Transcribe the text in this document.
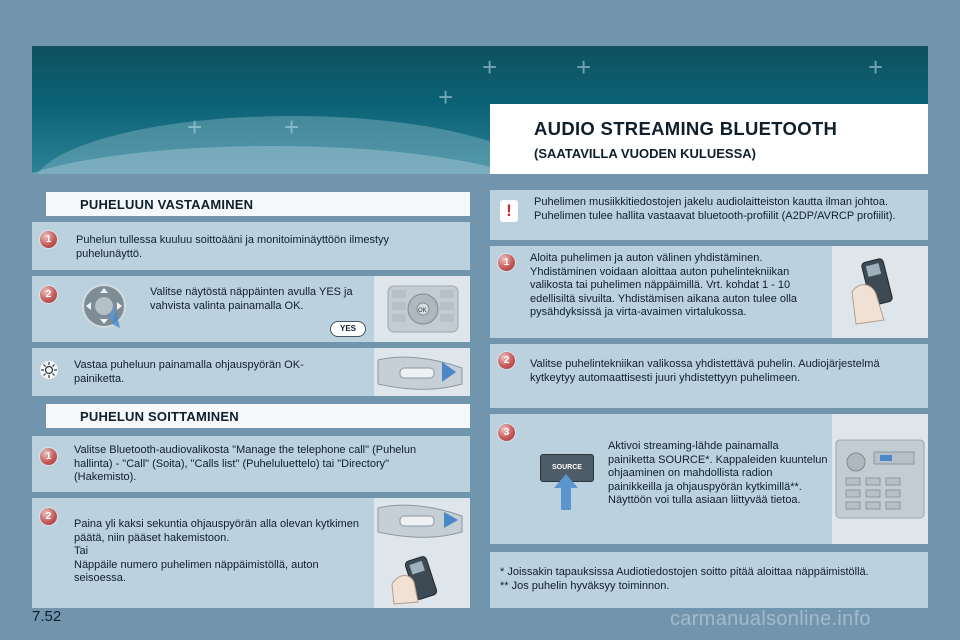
+	+	+
+	+
+
AUDIO STREAMING BLUETOOTH
(SAATAVILLA VUODEN KULUESSA)
PUHELUUN VASTAAMINEN
1	Puhelun tullessa kuuluu soittoääni ja monitoiminäyttöön ilmestyy puhelunäyttö.
2	Valitse näytöstä näppäinten avulla YES ja vahvista valinta painamalla OK.
YES
OK
Vastaa puheluun painamalla ohjauspyörän OK- painiketta.
PUHELUN SOITTAMINEN
1
Valitse Bluetooth-audiovalikosta "Manage the telephone call" (Puhelun hallinta) - "Call" (Soita), "Calls list" (Puheluluettelo) tai "Directory" (Hakemisto).
2
Paina yli kaksi sekuntia ohjauspyörän alla olevan kytkimen päätä, niin pääset hakemistoon.
Tai
Näppäile numero puhelimen näppäimistöllä, auton seisoessa.
!	Puhelimen musiikkitiedostojen jakelu audiolaitteiston kautta ilman johtoa. Puhelimen tulee hallita vastaavat bluetooth-profiilit (A2DP/AVRCP profiilit).
1	Aloita puhelimen ja auton välinen yhdistäminen. Yhdistäminen voidaan aloittaa auton puhelintekniikan valikosta tai puhelimen näppäimillä. Vrt. kohdat 1 - 10 edellisiltä sivuilta. Yhdistämisen aikana auton tulee olla pysähdyksissä ja virta-avaimen virtalukossa.
2	Valitse puhelintekniikan valikossa yhdistettävä puhelin. Audiojärjestelmä kytkeytyy automaattisesti juuri yhdistettyyn puhelimeen.
3
SOURCE
Aktivoi streaming-lähde painamalla painiketta SOURCE*. Kappaleiden kuuntelun ohjaaminen on mahdollista radion painikkeilla ja ohjauspyörän kytkimillä**. Näyttöön voi tulla asiaan liittyvää tietoa.
* Joissakin tapauksissa Audiotiedostojen soitto pitää aloittaa näppäimistöllä.
** Jos puhelin hyväksyy toiminnon.
7.52	carmanualsonline.info
